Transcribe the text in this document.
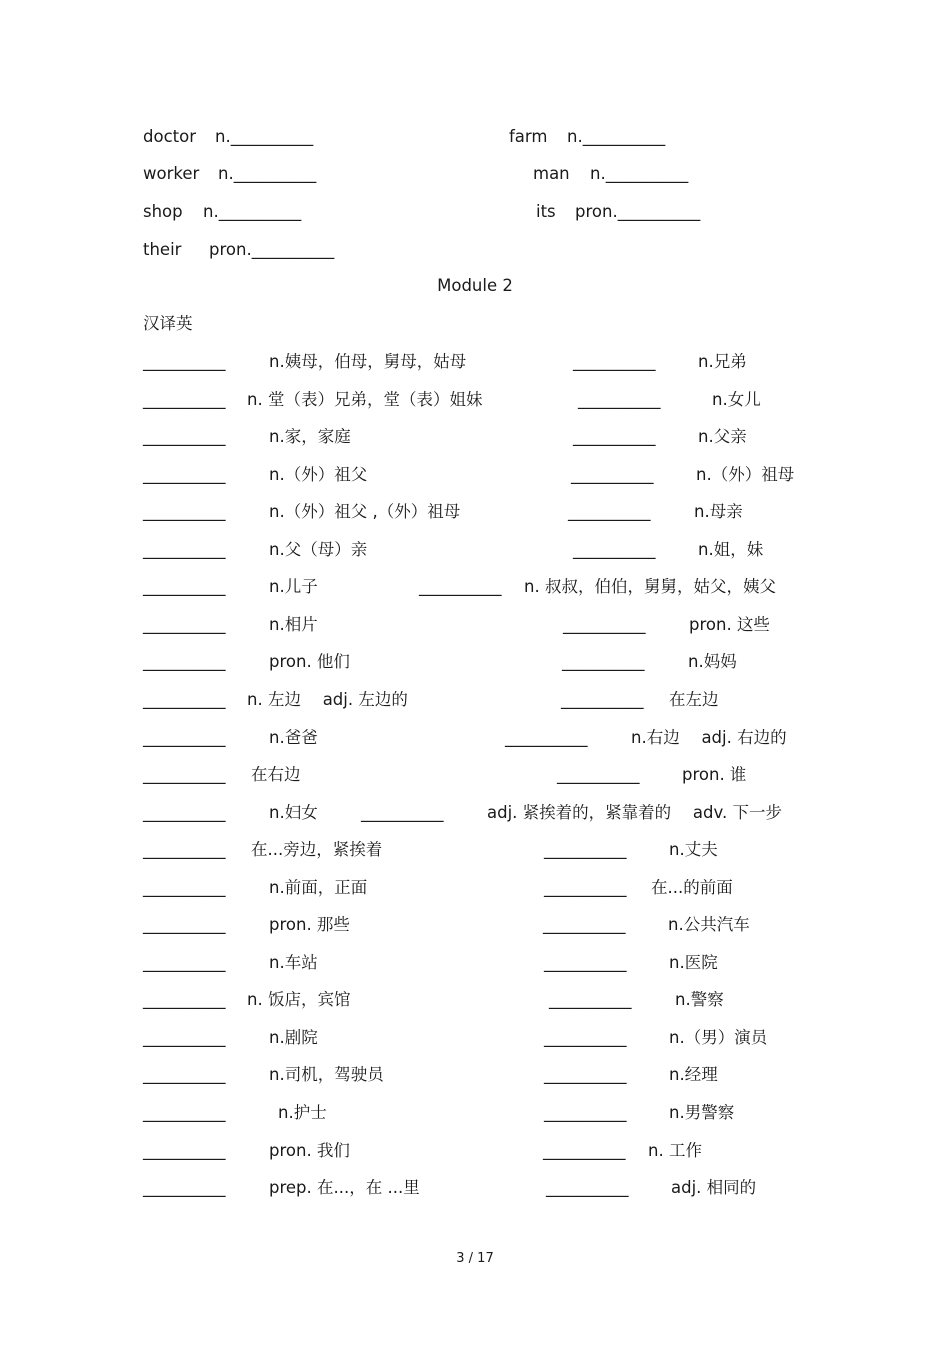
doctor n.__________	farm n.__________
worker n.__________	man n.__________
shop n.__________	its pron.__________
their pron.__________
Module 2
汉译英
__________	n.姨母，伯母，舅母，姑母	__________	n.兄弟
__________ n. 堂（表）兄弟，堂（表）姐妹	__________	n.女儿
__________	n.家，家庭	__________	n.父亲
__________	n.（外）祖父	__________	n.（外）祖母
__________	n.（外）祖父 ,（外）祖母	__________	n.母亲
__________	n.父（母）亲	__________	n.姐，妹
__________	n.儿子	__________ n. 叔叔，伯伯，舅舅，姑父，姨父
__________	n.相片	__________	pron. 这些
__________	pron. 他们	__________	n.妈妈
__________ n. 左边　 adj. 左边的	__________ 在左边
__________	n.爸爸	__________	n.右边　 adj. 右边的
__________ 在右边	__________	pron. 谁
__________	n.妇女	__________	adj. 紧挨着的，紧靠着的　 adv. 下一步
__________ 在...旁边，紧挨着	__________	n.丈夫
__________	n.前面，正面	__________ 在...的前面
__________	pron. 那些	__________	n.公共汽车
__________	n.车站	__________	n.医院
__________ n. 饭店，宾馆	__________	n.警察
__________	n.剧院	__________	n.（男）演员
__________	n.司机，驾驶员	__________	n.经理
__________	n.护士	__________	n.男警察
__________	pron. 我们	__________ n. 工作
__________	prep. 在...，在 ...里	__________	adj. 相同的
3 / 17
